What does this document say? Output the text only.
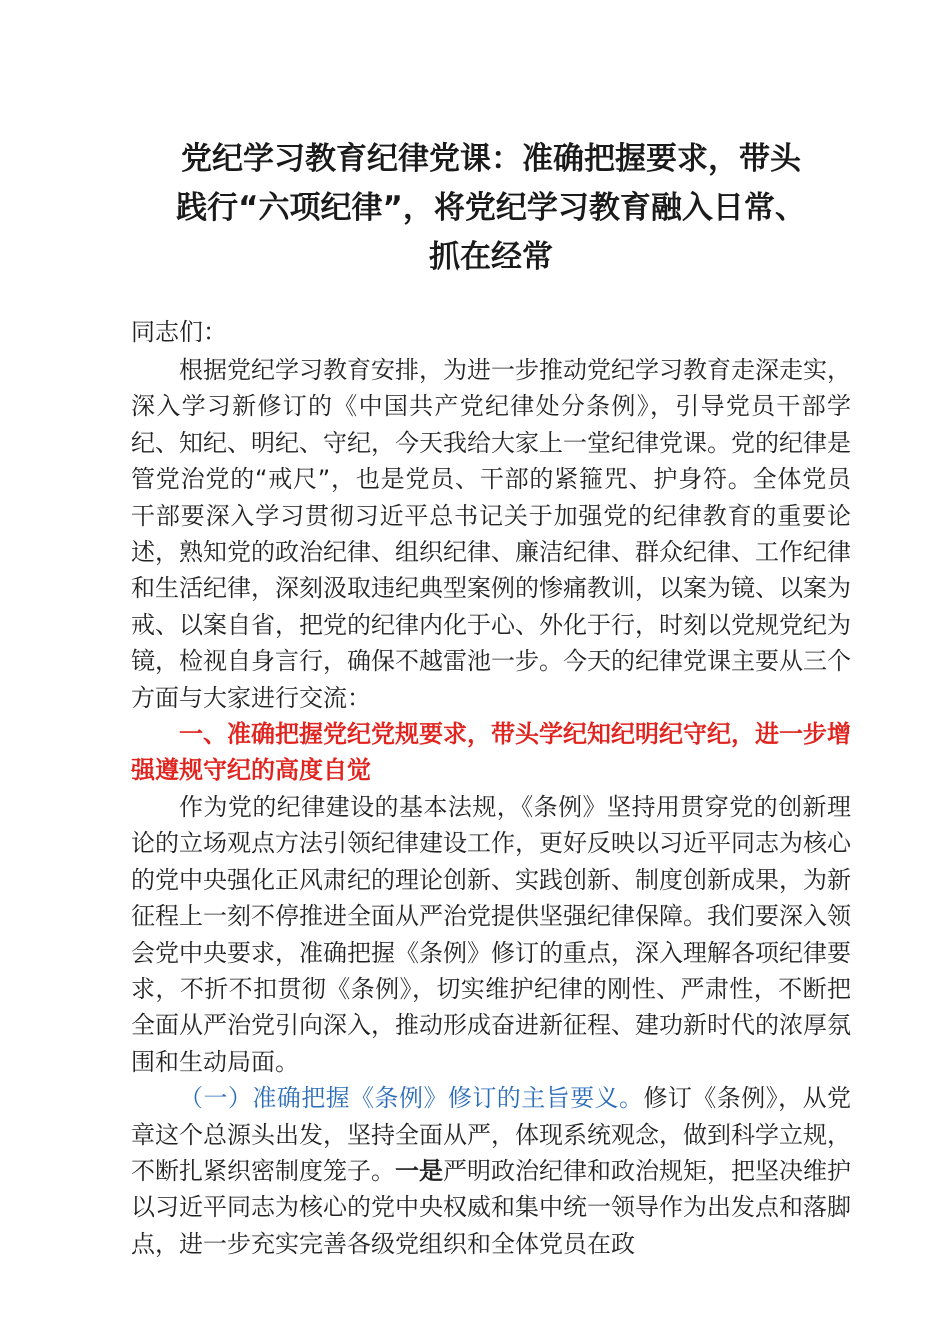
党纪学习教育纪律党课：准确把握要求，带头
践行“六项纪律”，将党纪学习教育融入日常、
抓在经常

同志们：

根据党纪学习教育安排，为进一步推动党纪学习教育走深走实，深入学习新修订的《中国共产党纪律处分条例》，引导党员干部学纪、知纪、明纪、守纪，今天我给大家上一堂纪律党课。党的纪律是管党治党的“戒尺”，也是党员、干部的紧箍咒、护身符。全体党员干部要深入学习贯彻习近平总书记关于加强党的纪律教育的重要论述，熟知党的政治纪律、组织纪律、廉洁纪律、群众纪律、工作纪律和生活纪律，深刻汲取违纪典型案例的惨痛教训，以案为镜、以案为戒、以案自省，把党的纪律内化于心、外化于行，时刻以党规党纪为镜，检视自身言行，确保不越雷池一步。今天的纪律党课主要从三个方面与大家进行交流：

一、准确把握党纪党规要求，带头学纪知纪明纪守纪，进一步增强遵规守纪的高度自觉

作为党的纪律建设的基本法规，《条例》坚持用贯穿党的创新理论的立场观点方法引领纪律建设工作，更好反映以习近平同志为核心的党中央强化正风肃纪的理论创新、实践创新、制度创新成果，为新征程上一刻不停推进全面从严治党提供坚强纪律保障。我们要深入领会党中央要求，准确把握《条例》修订的重点，深入理解各项纪律要求，不折不扣贯彻《条例》，切实维护纪律的刚性、严肃性，不断把全面从严治党引向深入，推动形成奋进新征程、建功新时代的浓厚氛围和生动局面。

（一）准确把握《条例》修订的主旨要义。修订《条例》，从党章这个总源头出发，坚持全面从严，体现系统观念，做到科学立规，不断扎紧织密制度笼子。一是严明政治纪律和政治规矩，把坚决维护以习近平同志为核心的党中央权威和集中统一领导作为出发点和落脚点，进一步充实完善各级党组织和全体党员在政
